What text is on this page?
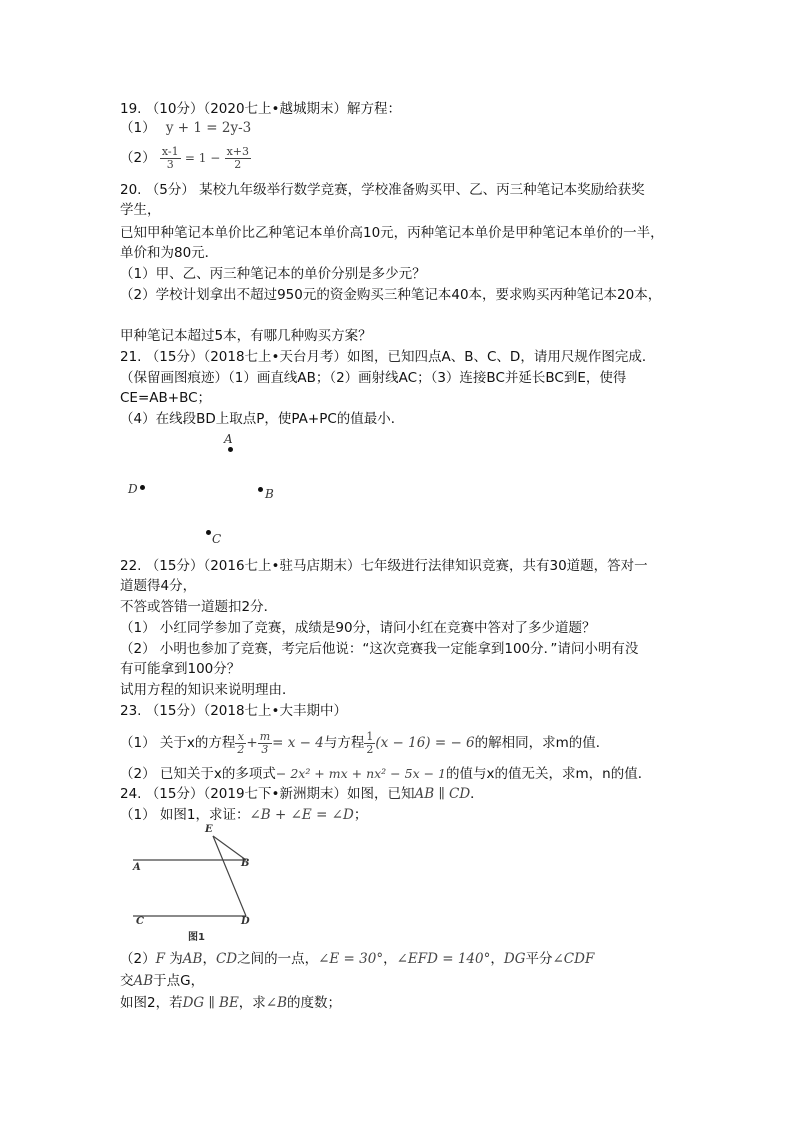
19. （10分）（2020七上•越城期末）解方程：
（1） y + 1 = 2y-3
$(2) \frac{x-1}{3} = 1 - \frac{x+3}{2}$
20. （5分） 某校九年级举行数学竞赛，学校准备购买甲、乙、丙三种笔记本奖励给获奖
学生，
已知甲种笔记本单价比乙种笔记本单价高10元，丙种笔记本单价是甲种笔记本单价的一半，
单价和为80元．
（1）甲、乙、丙三种笔记本的单价分别是多少元？
（2）学校计划拿出不超过950元的资金购买三种笔记本40本，要求购买丙种笔记本20本，
甲种笔记本超过5本，有哪几种购买方案？
21. （15分）（2018七上•天台月考）如图，已知四点A、B、C、D，请用尺规作图完成．
（保留画图痕迹）（1）画直线AB；（2）画射线AC；（3）连接BC并延长BC到E，使得
CE=AB+BC；
（4）在线段BD上取点P，使PA+PC的值最小．
A
D	B
C
22. （15分）（2016七上•驻马店期末）七年级进行法律知识竞赛，共有30道题，答对一
道题得4分，
不答或答错一道题扣2分．
（1） 小红同学参加了竞赛，成绩是90分，请问小红在竞赛中答对了多少道题？
（2） 小明也参加了竞赛，考完后他说：“这次竞赛我一定能拿到100分．”请问小明有没
有可能拿到100分？
试用方程的知识来说明理由．
23. （15分）（2018七上•大丰期中）
（1） 关于x的方程 $\frac{x}{2} + \frac{m}{3} = x - 4$与方程 $\frac{1}{2} (x - 16)$ = − 6的解相同，求m的值．
（2） 已知关于x的多项式− 2x² + mx + nx² − 5x − 1的值与x的值无关，求m，n的值．
24. （15分）（2019七下•新洲期末）如图，已知AB ∥ CD．
（1） 如图1，求证：∠B + ∠E = ∠D；
E
A	B
C	D
图1
（2）F 为AB，CD之间的一点，∠E = 30°，∠EFD = 140°，DG平分∠CDF
交AB于点G，
如图2，若DG ∥ BE，求∠B的度数；
